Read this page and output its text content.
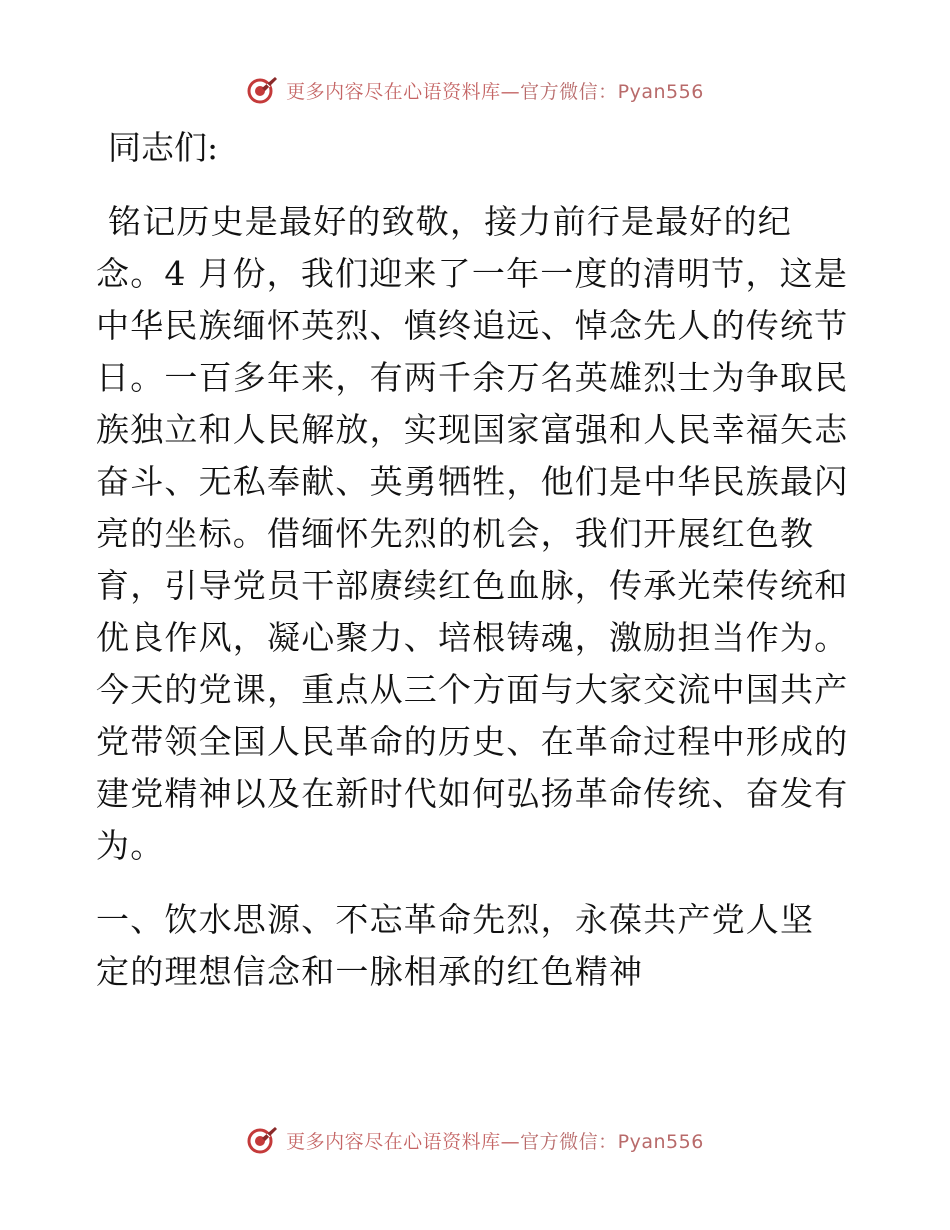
更多内容尽在心语资料库—官方微信：Pyan556
同志们:
铭记历史是最好的致敬，接力前行是最好的纪
念。4 月份，我们迎来了一年一度的清明节，这是
中华民族缅怀英烈、慎终追远、悼念先人的传统节
日。一百多年来，有两千余万名英雄烈士为争取民
族独立和人民解放，实现国家富强和人民幸福矢志
奋斗、无私奉献、英勇牺牲，他们是中华民族最闪
亮的坐标。借缅怀先烈的机会，我们开展红色教
育，引导党员干部赓续红色血脉，传承光荣传统和
优良作风，凝心聚力、培根铸魂，激励担当作为。
今天的党课，重点从三个方面与大家交流中国共产
党带领全国人民革命的历史、在革命过程中形成的
建党精神以及在新时代如何弘扬革命传统、奋发有
为。
一、饮水思源、不忘革命先烈，永葆共产党人坚
定的理想信念和一脉相承的红色精神
更多内容尽在心语资料库—官方微信：Pyan556
